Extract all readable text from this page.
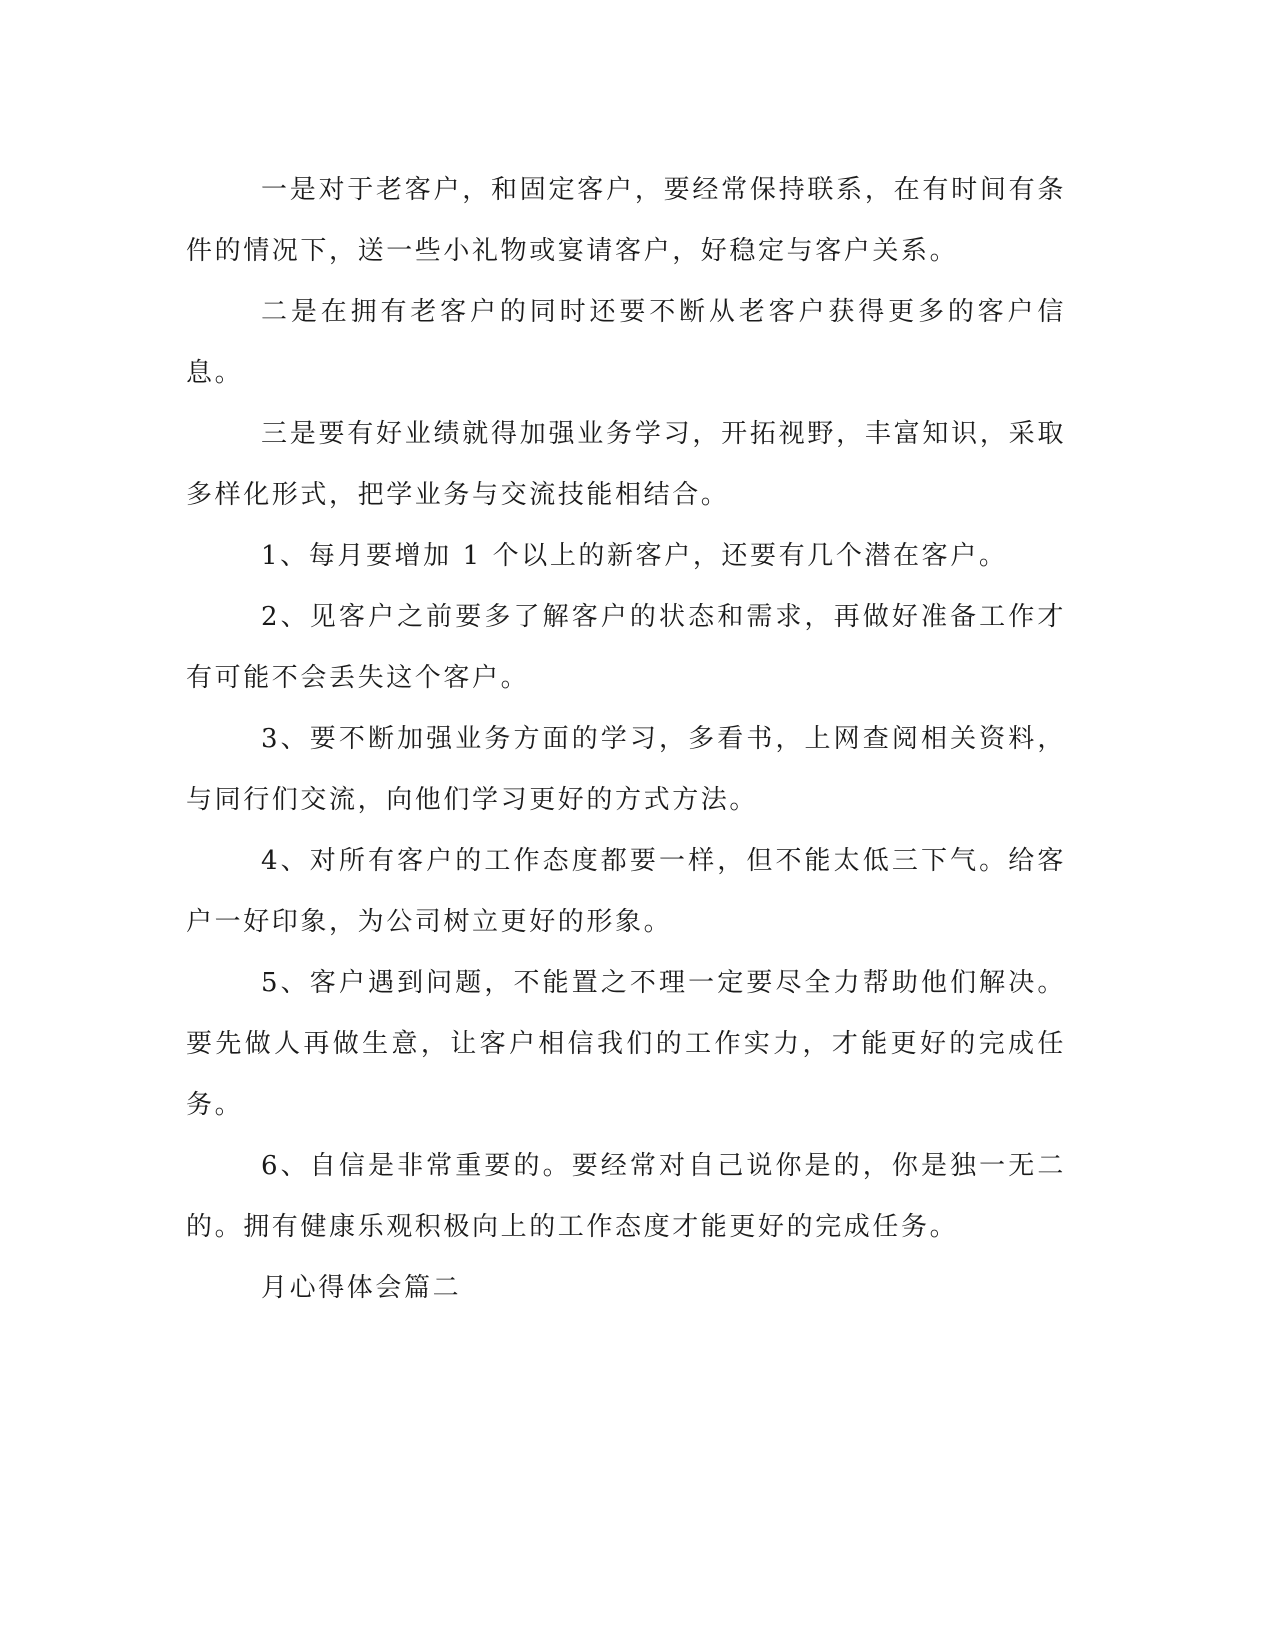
一是对于老客户，和固定客户，要经常保持联系，在有时间有条件的情况下，送一些小礼物或宴请客户，好稳定与客户关系。

二是在拥有老客户的同时还要不断从老客户获得更多的客户信息。

三是要有好业绩就得加强业务学习，开拓视野，丰富知识，采取多样化形式，把学业务与交流技能相结合。

1、每月要增加 1 个以上的新客户，还要有几个潜在客户。

2、见客户之前要多了解客户的状态和需求，再做好准备工作才有可能不会丢失这个客户。

3、要不断加强业务方面的学习，多看书，上网查阅相关资料，与同行们交流，向他们学习更好的方式方法。

4、对所有客户的工作态度都要一样，但不能太低三下气。给客户一好印象，为公司树立更好的形象。

5、客户遇到问题，不能置之不理一定要尽全力帮助他们解决。要先做人再做生意，让客户相信我们的工作实力，才能更好的完成任务。

6、自信是非常重要的。要经常对自己说你是的，你是独一无二的。拥有健康乐观积极向上的工作态度才能更好的完成任务。

月心得体会篇二
